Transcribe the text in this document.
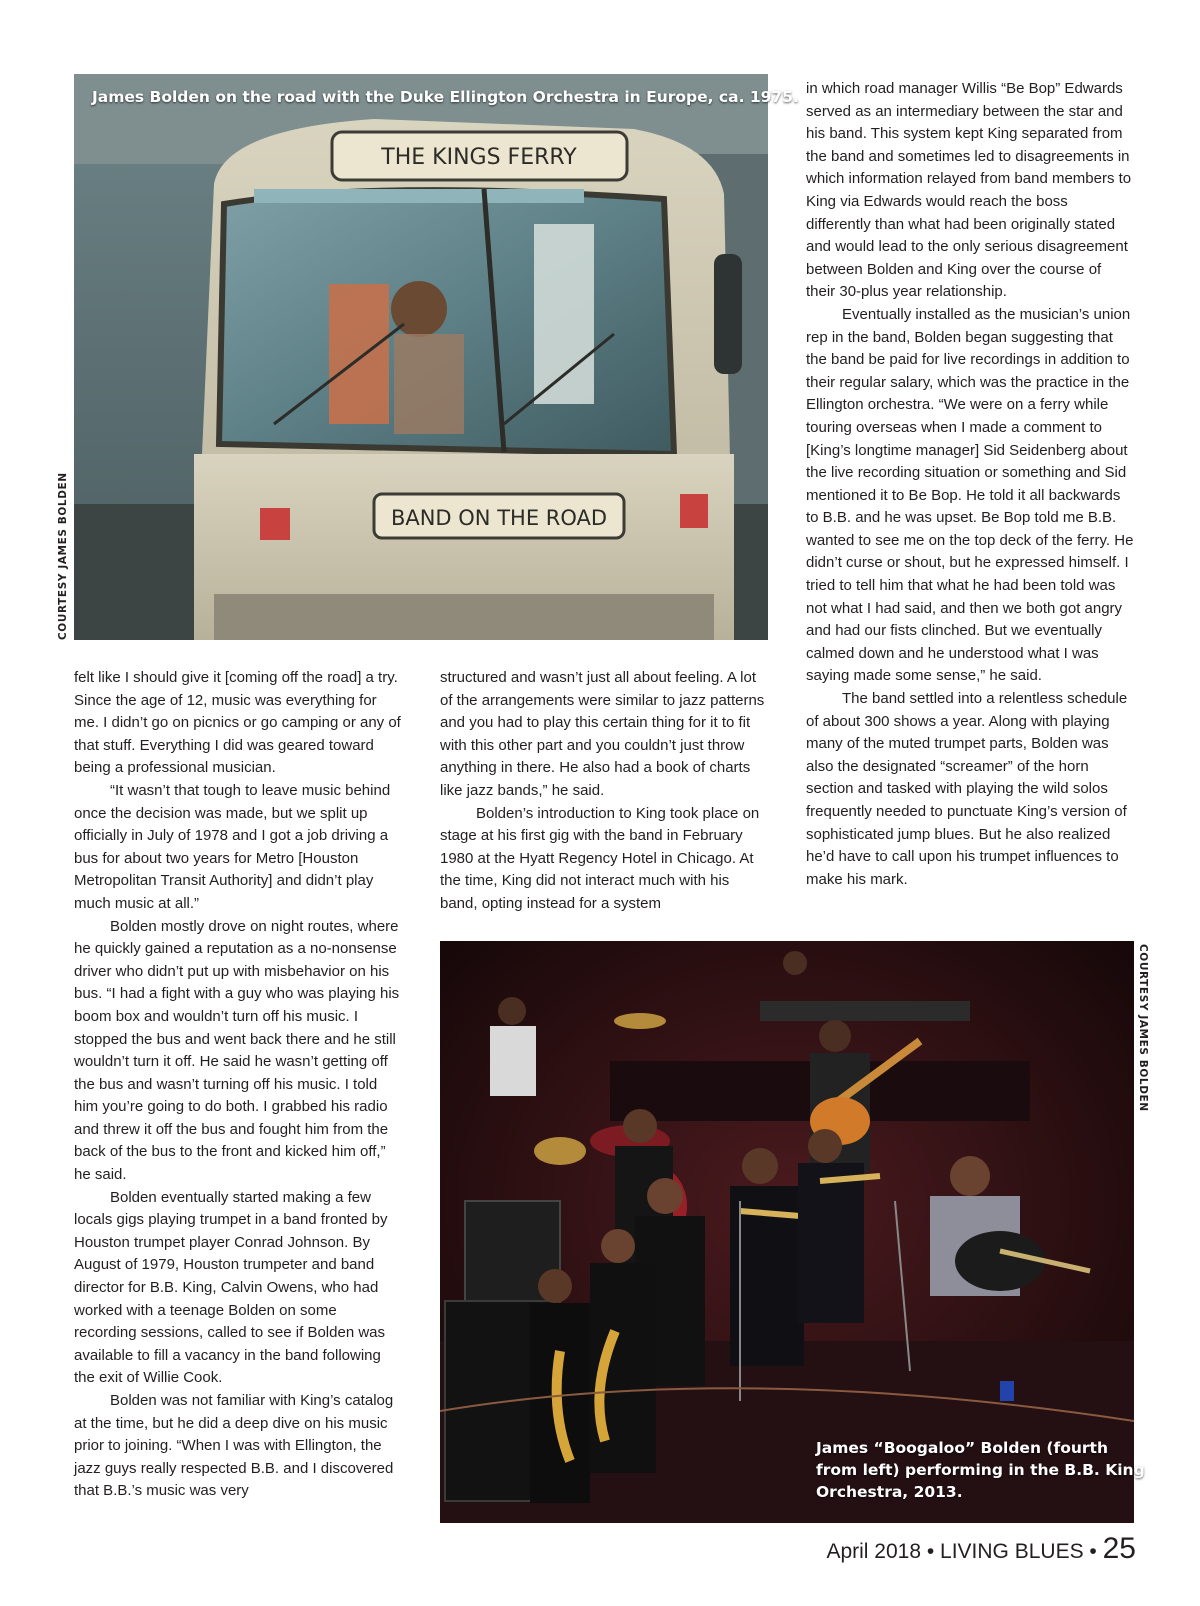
THE KINGS FERRY
BAND ON THE ROAD
James Bolden on the road with the Duke Ellington Orchestra in Europe, ca. 1975.
COURTESY JAMES BOLDEN

felt like I should give it [coming off the road] a try. Since the age of 12, music was everything for me. I didn’t go on picnics or go camping or any of that stuff. Everything I did was geared toward being a professional musician.

“It wasn’t that tough to leave music behind once the decision was made, but we split up officially in July of 1978 and I got a job driving a bus for about two years for Metro [Houston Metropolitan Transit Authority] and didn’t play much music at all.”

Bolden mostly drove on night routes, where he quickly gained a reputation as a no-nonsense driver who didn’t put up with misbehavior on his bus. “I had a fight with a guy who was playing his boom box and wouldn’t turn off his music. I stopped the bus and went back there and he still wouldn’t turn it off. He said he wasn’t getting off the bus and wasn’t turning off his music. I told him you’re going to do both. I grabbed his radio and threw it off the bus and fought him from the back of the bus to the front and kicked him off,” he said.

Bolden eventually started making a few locals gigs playing trumpet in a band fronted by Houston trumpet player Conrad Johnson. By August of 1979, Houston trumpeter and band director for B.B. King, Calvin Owens, who had worked with a teenage Bolden on some recording sessions, called to see if Bolden was available to fill a vacancy in the band following the exit of Willie Cook.

Bolden was not familiar with King’s catalog at the time, but he did a deep dive on his music prior to joining. “When I was with Ellington, the jazz guys really respected B.B. and I discovered that B.B.’s music was very

structured and wasn’t just all about feeling. A lot of the arrangements were similar to jazz patterns and you had to play this certain thing for it to fit with this other part and you couldn’t just throw anything in there. He also had a book of charts like jazz bands,” he said.

Bolden’s introduction to King took place on stage at his first gig with the band in February 1980 at the Hyatt Regency Hotel in Chicago. At the time, King did not interact much with his band, opting instead for a system

in which road manager Willis “Be Bop” Edwards served as an intermediary between the star and his band. This system kept King separated from the band and sometimes led to disagreements in which information relayed from band members to King via Edwards would reach the boss differently than what had been originally stated and would lead to the only serious disagreement between Bolden and King over the course of their 30-plus year relationship.

Eventually installed as the musician’s union rep in the band, Bolden began suggesting that the band be paid for live recordings in addition to their regular salary, which was the practice in the Ellington orchestra. “We were on a ferry while touring overseas when I made a comment to [King’s longtime manager] Sid Seidenberg about the live recording situation or something and Sid mentioned it to Be Bop. He told it all backwards to B.B. and he was upset. Be Bop told me B.B. wanted to see me on the top deck of the ferry. He didn’t curse or shout, but he expressed himself. I tried to tell him that what he had been told was not what I had said, and then we both got angry and had our fists clinched. But we eventually calmed down and he understood what I was saying made some sense,” he said.

The band settled into a relentless schedule of about 300 shows a year. Along with playing many of the muted trumpet parts, Bolden was also the designated “screamer” of the horn section and tasked with playing the wild solos frequently needed to punctuate King’s version of sophisticated jump blues. But he also realized he’d have to call upon his trumpet influences to make his mark.

James “Boogaloo” Bolden (fourth
from left) performing in the B.B. King
Orchestra, 2013.
COURTESY JAMES BOLDEN
April 2018 • LIVING BLUES • 25
